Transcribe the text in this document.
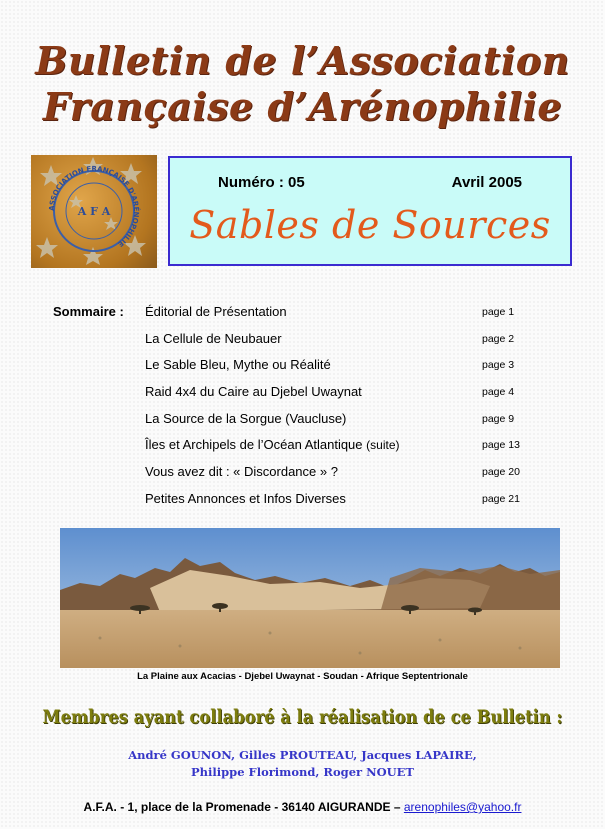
Bulletin de l’Association
Française d’Arénophilie
ASSOCIATION FRANÇAISE D'ARÉNOPHILIE
A F A
Numéro : 05	Avril 2005
Sables de Sources
Sommaire : Éditorial de Présentation	page 1
La Cellule de Neubauer	page 2
Le Sable Bleu, Mythe ou Réalité	page 3
Raid 4x4 du Caire au Djebel Uwaynat	page 4
La Source de la Sorgue (Vaucluse)	page 9
Îles et Archipels de l’Océan Atlantique (suite)	page 13
Vous avez dit : « Discordance » ?	page 20
Petites Annonces et Infos Diverses	page 21
La Plaine aux Acacias - Djebel Uwaynat - Soudan - Afrique Septentrionale
Membres ayant collaboré à la réalisation de ce Bulletin :
André GOUNON, Gilles PROUTEAU, Jacques LAPAIRE,
Philippe Florimond, Roger NOUET
A.F.A. - 1, place de la Promenade - 36140 AIGURANDE – arenophiles@yahoo.fr
